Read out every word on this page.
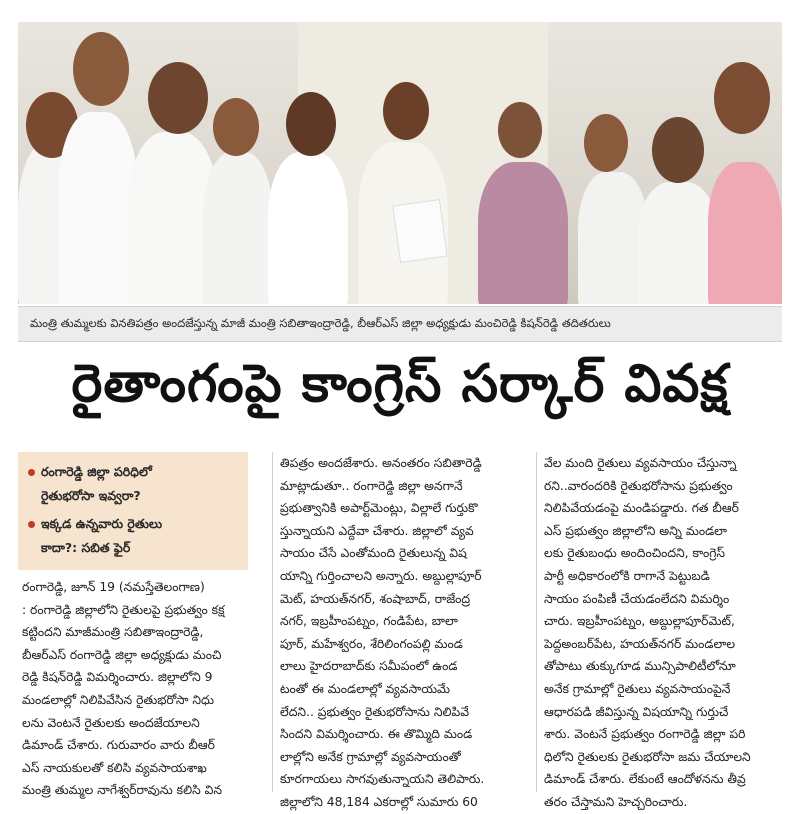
మంత్రి తుమ్మలకు వినతిపత్రం అందజేస్తున్న మాజీ మంత్రి సబితాఇంద్రారెడ్డి, బీఆర్ఎస్ జిల్లా అధ్యక్షుడు మంచిరెడ్డి కిషన్‌రెడ్డి తదితరులు
రైతాంగంపై కాంగ్రెస్ సర్కార్ వివక్ష
రంగారెడ్డి జిల్లా పరిధిలో
రైతుభరోసా ఇవ్వరా?
ఇక్కడ ఉన్నవారు రైతులు
కాదా?: సబిత ఫైర్

రంగారెడ్డి, జూన్ 19 (నమస్తేతెలంగాణ)

: రంగారెడ్డి జిల్లాలోని రైతులపై ప్రభుత్వం కక్ష

కట్టిందని మాజీమంత్రి సబితాఇంద్రారెడ్డి,

బీఆర్ఎస్ రంగారెడ్డి జిల్లా అధ్యక్షుడు మంచి

రెడ్డి కిషన్‌రెడ్డి విమర్శించారు. జిల్లాలోని 9

మండలాల్లో నిలిపివేసిన రైతుభరోసా నిధు

లను వెంటనే రైతులకు అందజేయాలని

డిమాండ్ చేశారు. గురువారం వారు బీఆర్

ఎస్ నాయకులతో కలిసి వ్యవసాయశాఖ

మంత్రి తుమ్మల నాగేశ్వర్‌రావును కలిసి విన

తిపత్రం అందజేశారు. అనంతరం సబితారెడ్డి

మాట్లాడుతూ.. రంగారెడ్డి జిల్లా అనగానే

ప్రభుత్వానికి అపార్ట్‌మెంట్లు, విల్లాలే గుర్తుకొ

స్తున్నాయని ఎద్దేవా చేశారు. జిల్లాలో వ్యవ

సాయం చేసే ఎంతోమంది రైతులున్న విష

యాన్ని గుర్తించాలని అన్నారు. అబ్దుల్లాపూర్

మెట్, హయత్‌నగర్, శంషాబాద్, రాజేంద్ర

నగర్, ఇబ్రహీంపట్నం, గండిపేట, బాలా

పూర్, మహేశ్వరం, శేరిలింగంపల్లి మండ

లాలు హైదరాబాద్‌కు సమీపంలో ఉండ

టంతో ఈ మండలాల్లో వ్యవసాయమే

లేదని.. ప్రభుత్వం రైతుభరోసాను నిలిపివే

సిందని విమర్శించారు. ఈ తొమ్మిది మండ

లాల్లోని అనేక గ్రామాల్లో వ్యవసాయంతో

కూరగాయలు సాగవుతున్నాయని తెలిపారు.

జిల్లాలోని 48,184 ఎకరాల్లో సుమారు 60

వేల మంది రైతులు వ్యవసాయం చేస్తున్నా

రని..వారందరికి రైతుభరోసాను ప్రభుత్వం

నిలిపివేయడంపై మండిపడ్డారు. గత బీఆర్

ఎస్ ప్రభుత్వం జిల్లాలోని అన్ని మండలా

లకు రైతుబంధు అందించిందని, కాంగ్రెస్

పార్టీ అధికారంలోకి రాగానే పెట్టుబడి

సాయం పంపిణీ చేయడంలేదని విమర్శిం

చారు. ఇబ్రహీంపట్నం, అబ్దుల్లాపూర్‌మెట్,

పెద్దఅంబర్‌పేట, హయత్‌నగర్ మండలాల

తోపాటు తుక్కుగూడ మున్సిపాలిటీలోనూ

అనేక గ్రామాల్లో రైతులు వ్యవసాయంపైనే

ఆధారపడి జీవిస్తున్న విషయాన్ని గుర్తుచే

శారు. వెంటనే ప్రభుత్వం రంగారెడ్డి జిల్లా పరి

ధిలోని రైతులకు రైతుభరోసా జమ చేయాలని

డిమాండ్ చేశారు. లేకుంటే ఆందోళనను తీవ్ర

తరం చేస్తామని హెచ్చరించారు.
